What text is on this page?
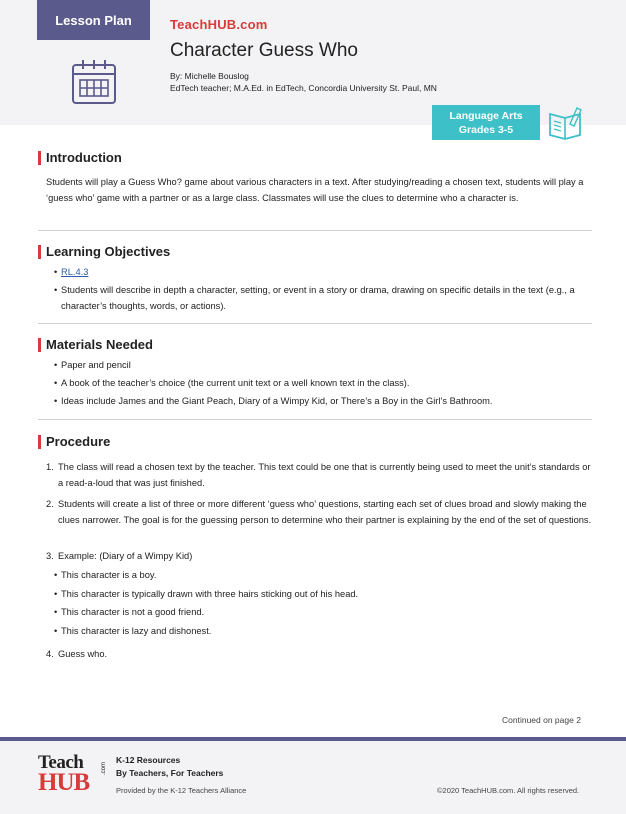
Lesson Plan	TeachHUB.com
Character Guess Who
By: Michelle Bouslog
EdTech teacher; M.A.Ed. in EdTech, Concordia University St. Paul, MN
Language Arts
Grades 3-5
Introduction
Students will play a Guess Who? game about various characters in a text. After studying/reading a chosen text, students will play a ‘guess who’ game with a partner or as a large class. Classmates will use the clues to determine who a character is.
Learning Objectives
• RL.4.3
• Students will describe in depth a character, setting, or event in a story or drama, drawing on specific details in the text (e.g., a character’s thoughts, words, or actions).
Materials Needed
• Paper and pencil
• A book of the teacher’s choice (the current unit text or a well known text in the class).
• Ideas include James and the Giant Peach, Diary of a Wimpy Kid, or There’s a Boy in the Girl’s Bathroom.
Procedure
1. The class will read a chosen text by the teacher. This text could be one that is currently being used to meet the unit’s standards or a read-a-loud that was just finished.
2. Students will create a list of three or more different ‘guess who’ questions, starting each set of clues broad and slowly making the clues narrower. The goal is for the guessing person to determine who their partner is explaining by the end of the set of questions.
3. Example: (Diary of a Wimpy Kid)
• This character is a boy.
• This character is typically drawn with three hairs sticking out of his head.
• This character is not a good friend.
• This character is lazy and dishonest.
4. Guess who.
Continued on page 2
Teach
HUB
.com
K-12 Resources
By Teachers, For Teachers
Provided by the K-12 Teachers Alliance	©2020 TeachHUB.com. All rights reserved.
